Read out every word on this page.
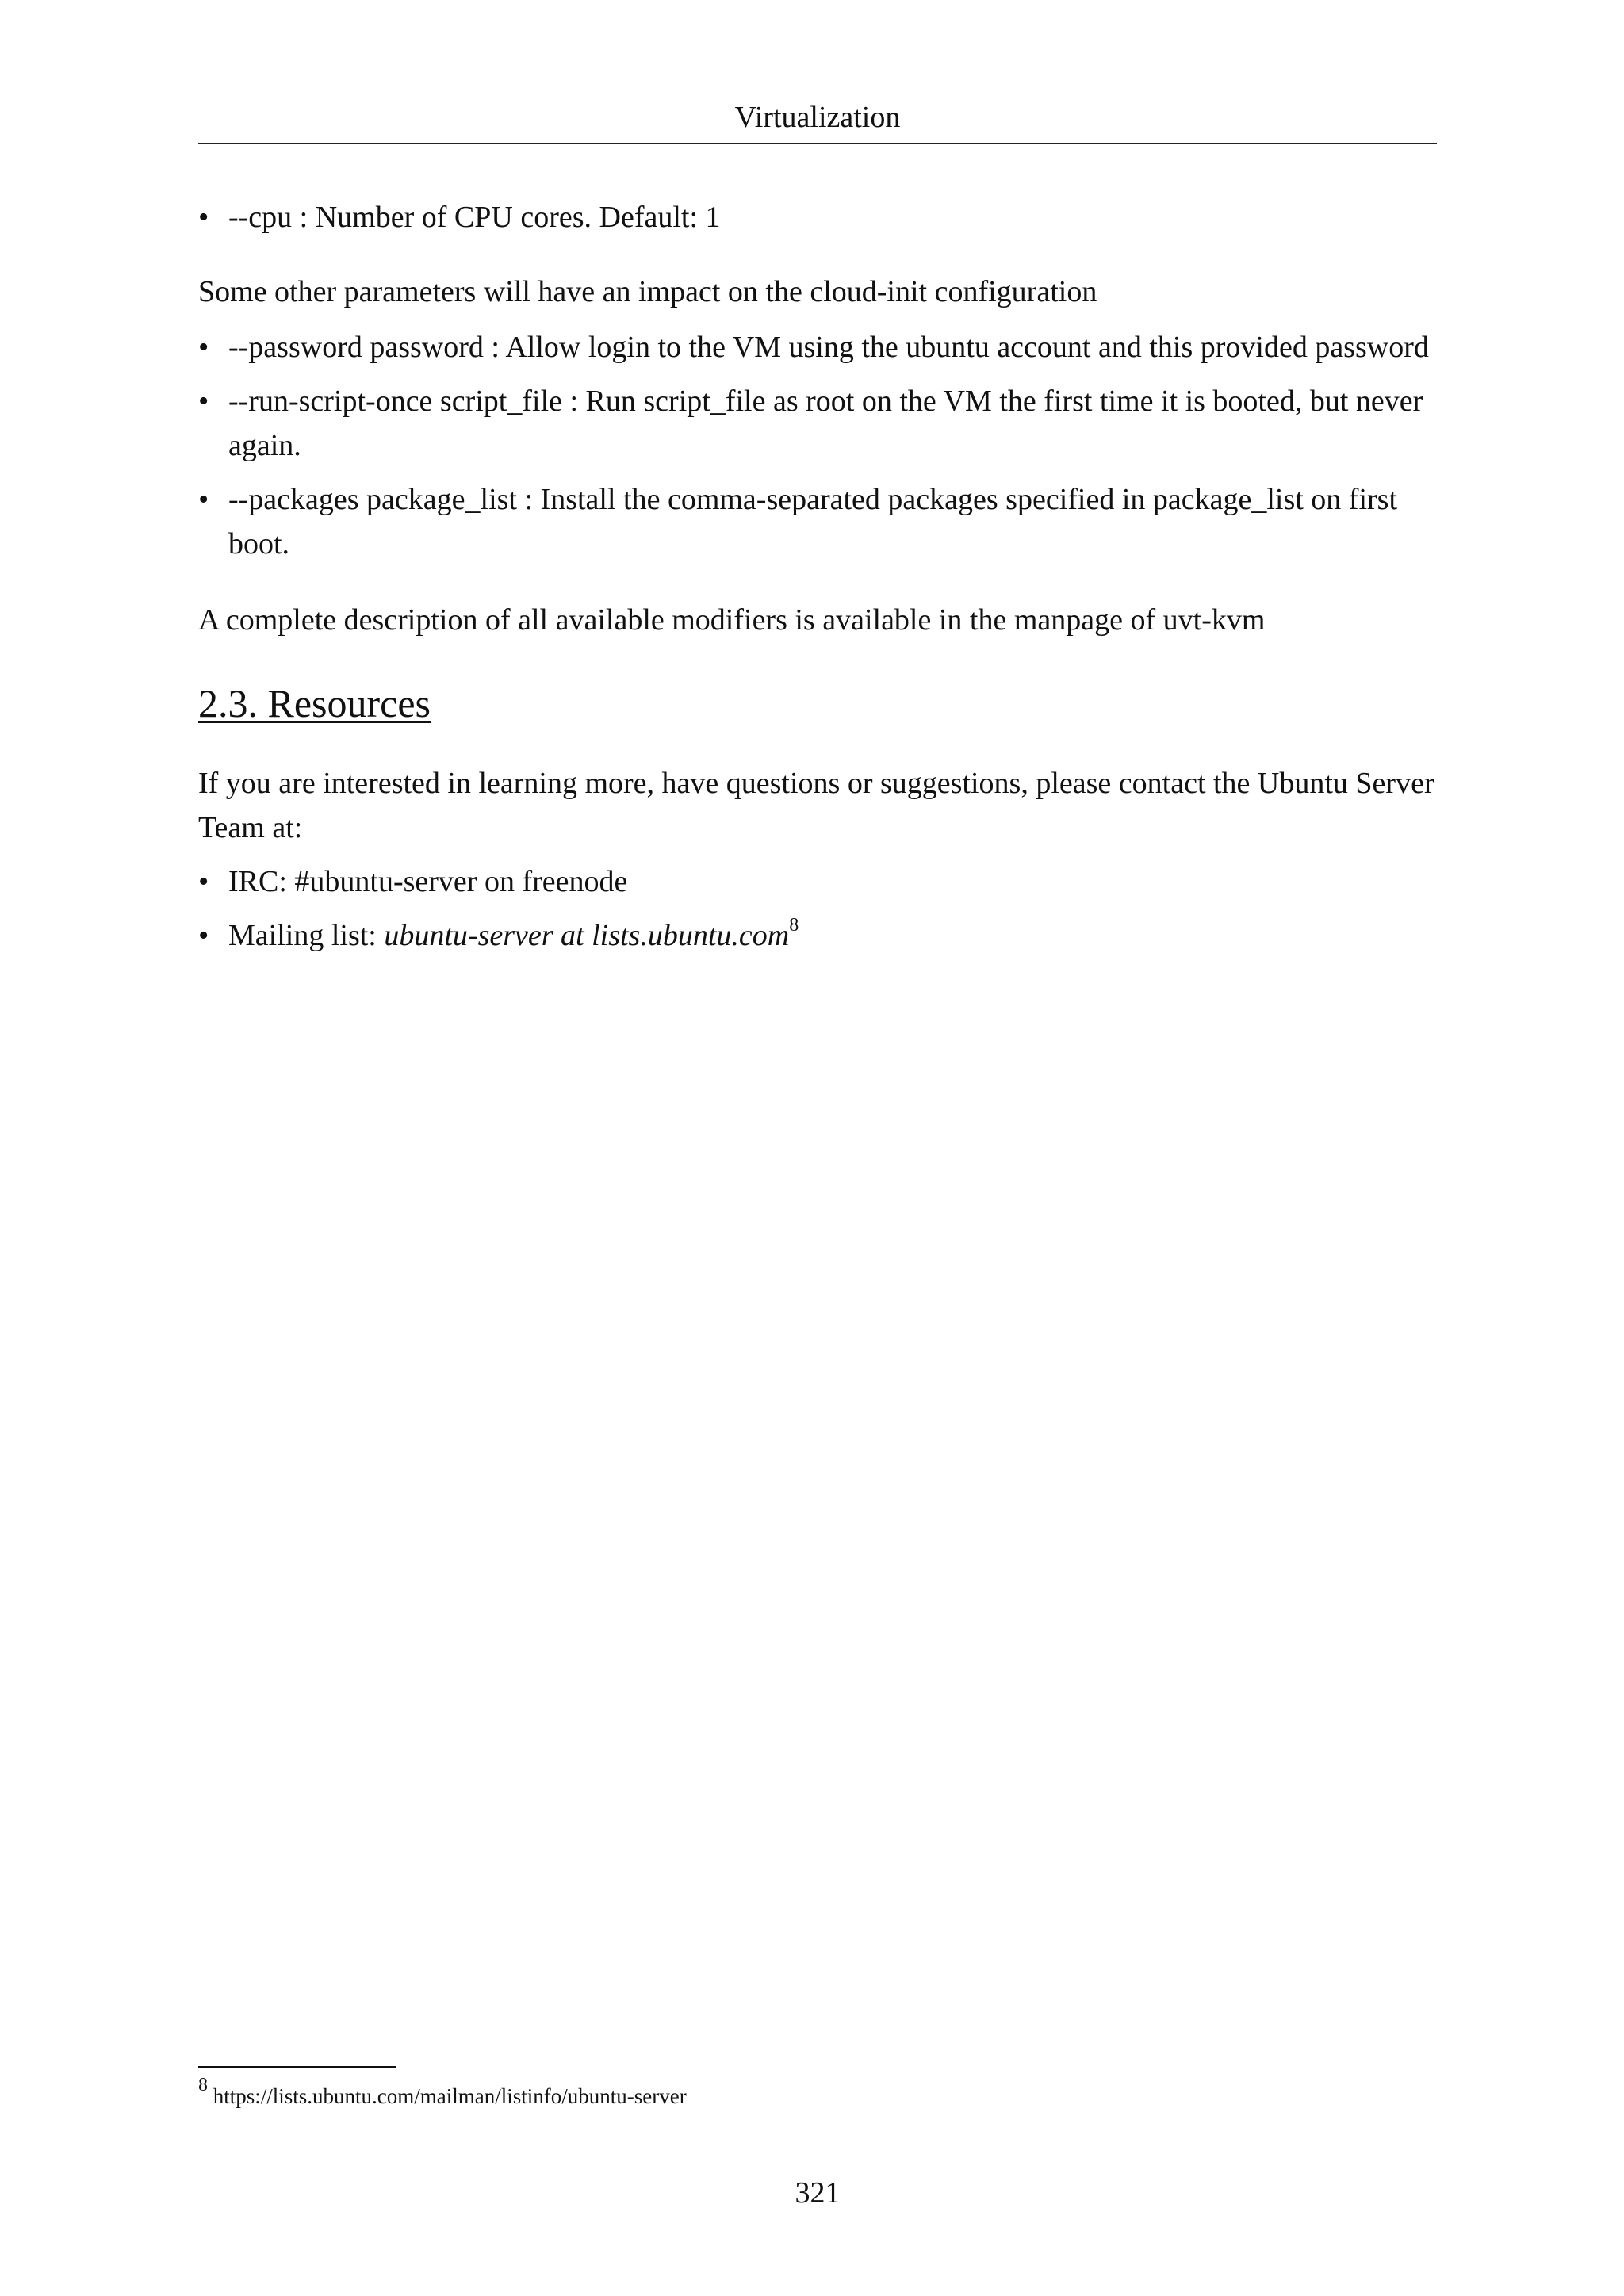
Virtualization
• --cpu : Number of CPU cores. Default: 1
Some other parameters will have an impact on the cloud-init configuration
• --password password : Allow login to the VM using the ubuntu account and this provided password
• --run-script-once script_file : Run script_file as root on the VM the first time it is booted, but never again.
• --packages package_list : Install the comma-separated packages specified in package_list on first boot.
A complete description of all available modifiers is available in the manpage of uvt-kvm
2.3. Resources
If you are interested in learning more, have questions or suggestions, please contact the Ubuntu Server Team at:
• IRC: #ubuntu-server on freenode
• Mailing list: ubuntu-server at lists.ubuntu.com$^8$
$^8$ https://lists.ubuntu.com/mailman/listinfo/ubuntu-server
321
